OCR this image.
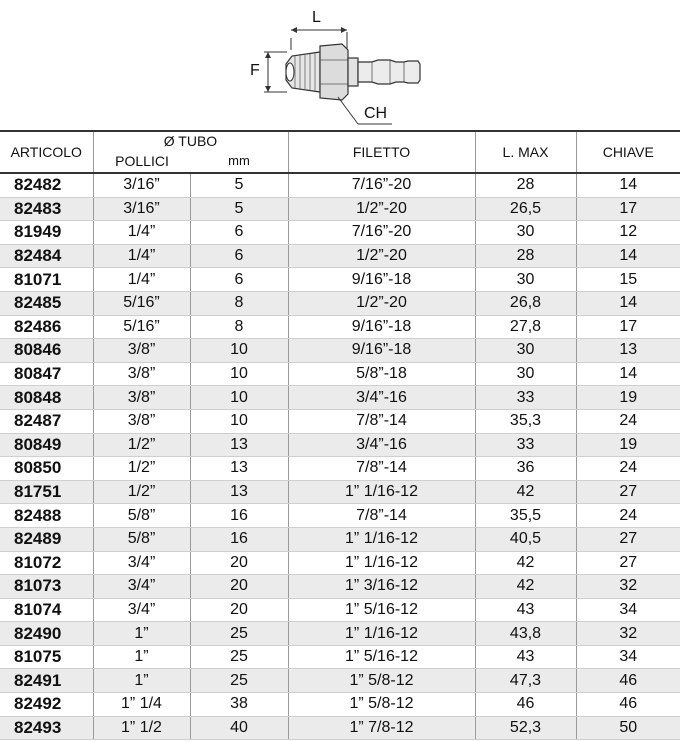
L
F
CH
ARTICOLO	Ø TUBO
POLLICI mm		FILETTO	L. MAX	CHIAVE
82482	3/16”	5	7/16”-20	28	14
82483	3/16”	5	1/2”-20	26,5	17
81949	1/4”	6	7/16”-20	30	12
82484	1/4”	6	1/2”-20	28	14
81071	1/4”	6	9/16”-18	30	15
82485	5/16”	8	1/2”-20	26,8	14
82486	5/16”	8	9/16”-18	27,8	17
80846	3/8”	10	9/16”-18	30	13
80847	3/8”	10	5/8”-18	30	14
80848	3/8”	10	3/4”-16	33	19
82487	3/8”	10	7/8”-14	35,3	24
80849	1/2”	13	3/4”-16	33	19
80850	1/2”	13	7/8”-14	36	24
81751	1/2”	13	1” 1/16-12	42	27
82488	5/8”	16	7/8”-14	35,5	24
82489	5/8”	16	1” 1/16-12	40,5	27
81072	3/4”	20	1” 1/16-12	42	27
81073	3/4”	20	1” 3/16-12	42	32
81074	3/4”	20	1” 5/16-12	43	34
82490	1”	25	1” 1/16-12	43,8	32
81075	1”	25	1” 5/16-12	43	34
82491	1”	25	1” 5/8-12	47,3	46
82492	1” 1/4	38	1” 5/8-12	46	46
82493	1” 1/2	40	1” 7/8-12	52,3	50
